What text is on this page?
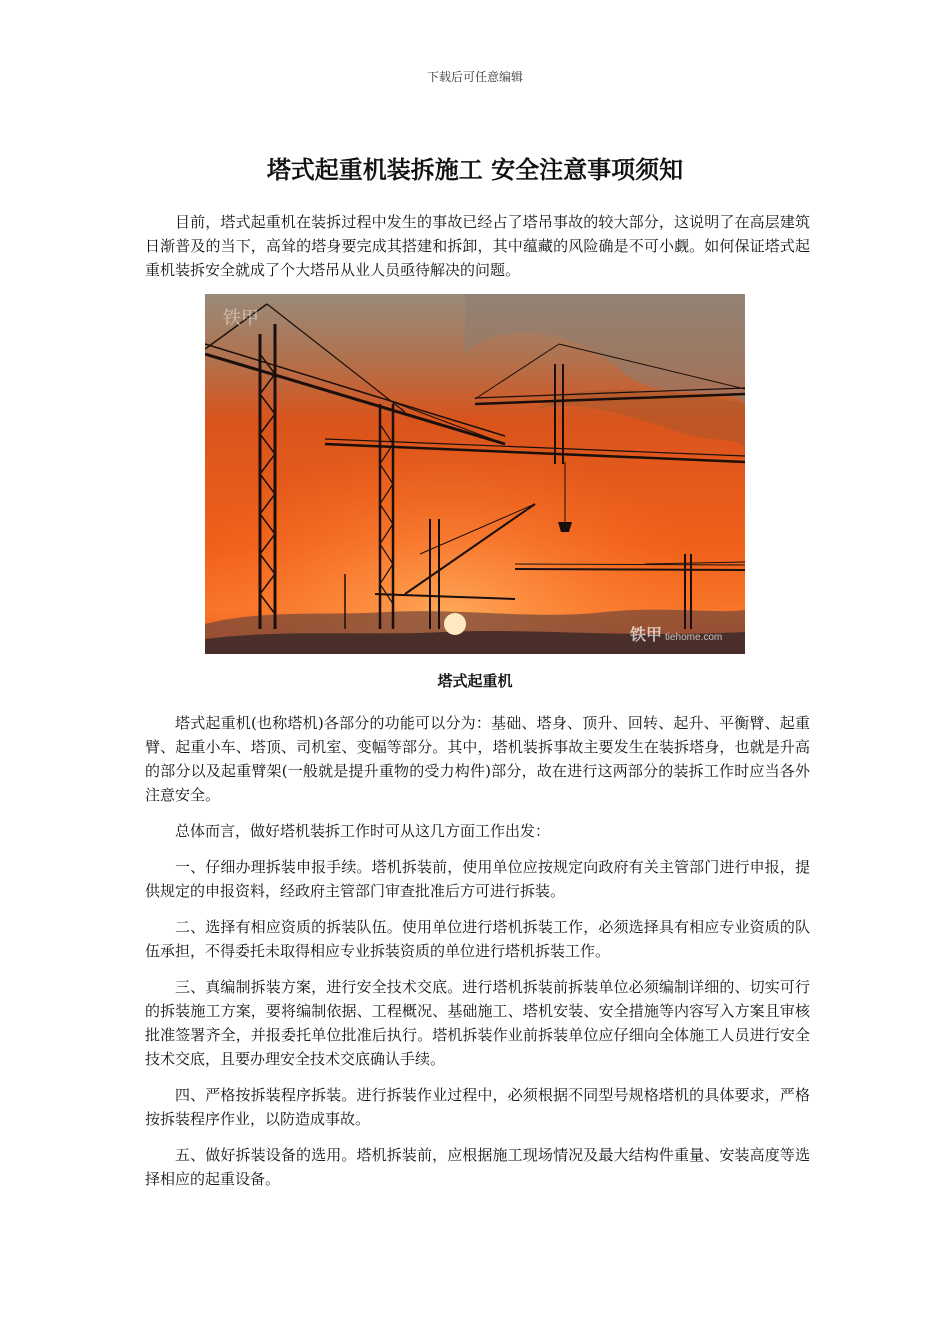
下载后可任意编辑
塔式起重机装拆施工 安全注意事项须知

目前，塔式起重机在装拆过程中发生的事故已经占了塔吊事故的较大部分，这说明了在高层建筑日渐普及的当下，高耸的塔身要完成其搭建和拆卸，其中蕴藏的风险确是不可小觑。如何保证塔式起重机装拆安全就成了个大塔吊从业人员亟待解决的问题。

铁甲
铁甲 tiehome.com
塔式起重机

塔式起重机(也称塔机)各部分的功能可以分为：基础、塔身、顶升、回转、起升、平衡臂、起重臂、起重小车、塔顶、司机室、变幅等部分。其中，塔机装拆事故主要发生在装拆塔身，也就是升高的部分以及起重臂架(一般就是提升重物的受力构件)部分，故在进行这两部分的装拆工作时应当各外注意安全。

总体而言，做好塔机装拆工作时可从这几方面工作出发：

一、仔细办理拆装申报手续。塔机拆装前，使用单位应按规定向政府有关主管部门进行申报，提供规定的申报资料，经政府主管部门审查批准后方可进行拆装。

二、选择有相应资质的拆装队伍。使用单位进行塔机拆装工作，必须选择具有相应专业资质的队伍承担，不得委托未取得相应专业拆装资质的单位进行塔机拆装工作。

三、真编制拆装方案，进行安全技术交底。进行塔机拆装前拆装单位必须编制详细的、切实可行的拆装施工方案，要将编制依据、工程概况、基础施工、塔机安装、安全措施等内容写入方案且审核批准签署齐全，并报委托单位批准后执行。塔机拆装作业前拆装单位应仔细向全体施工人员进行安全技术交底，且要办理安全技术交底确认手续。

四、严格按拆装程序拆装。进行拆装作业过程中，必须根据不同型号规格塔机的具体要求，严格按拆装程序作业，以防造成事故。

五、做好拆装设备的选用。塔机拆装前，应根据施工现场情况及最大结构件重量、安装高度等选择相应的起重设备。
